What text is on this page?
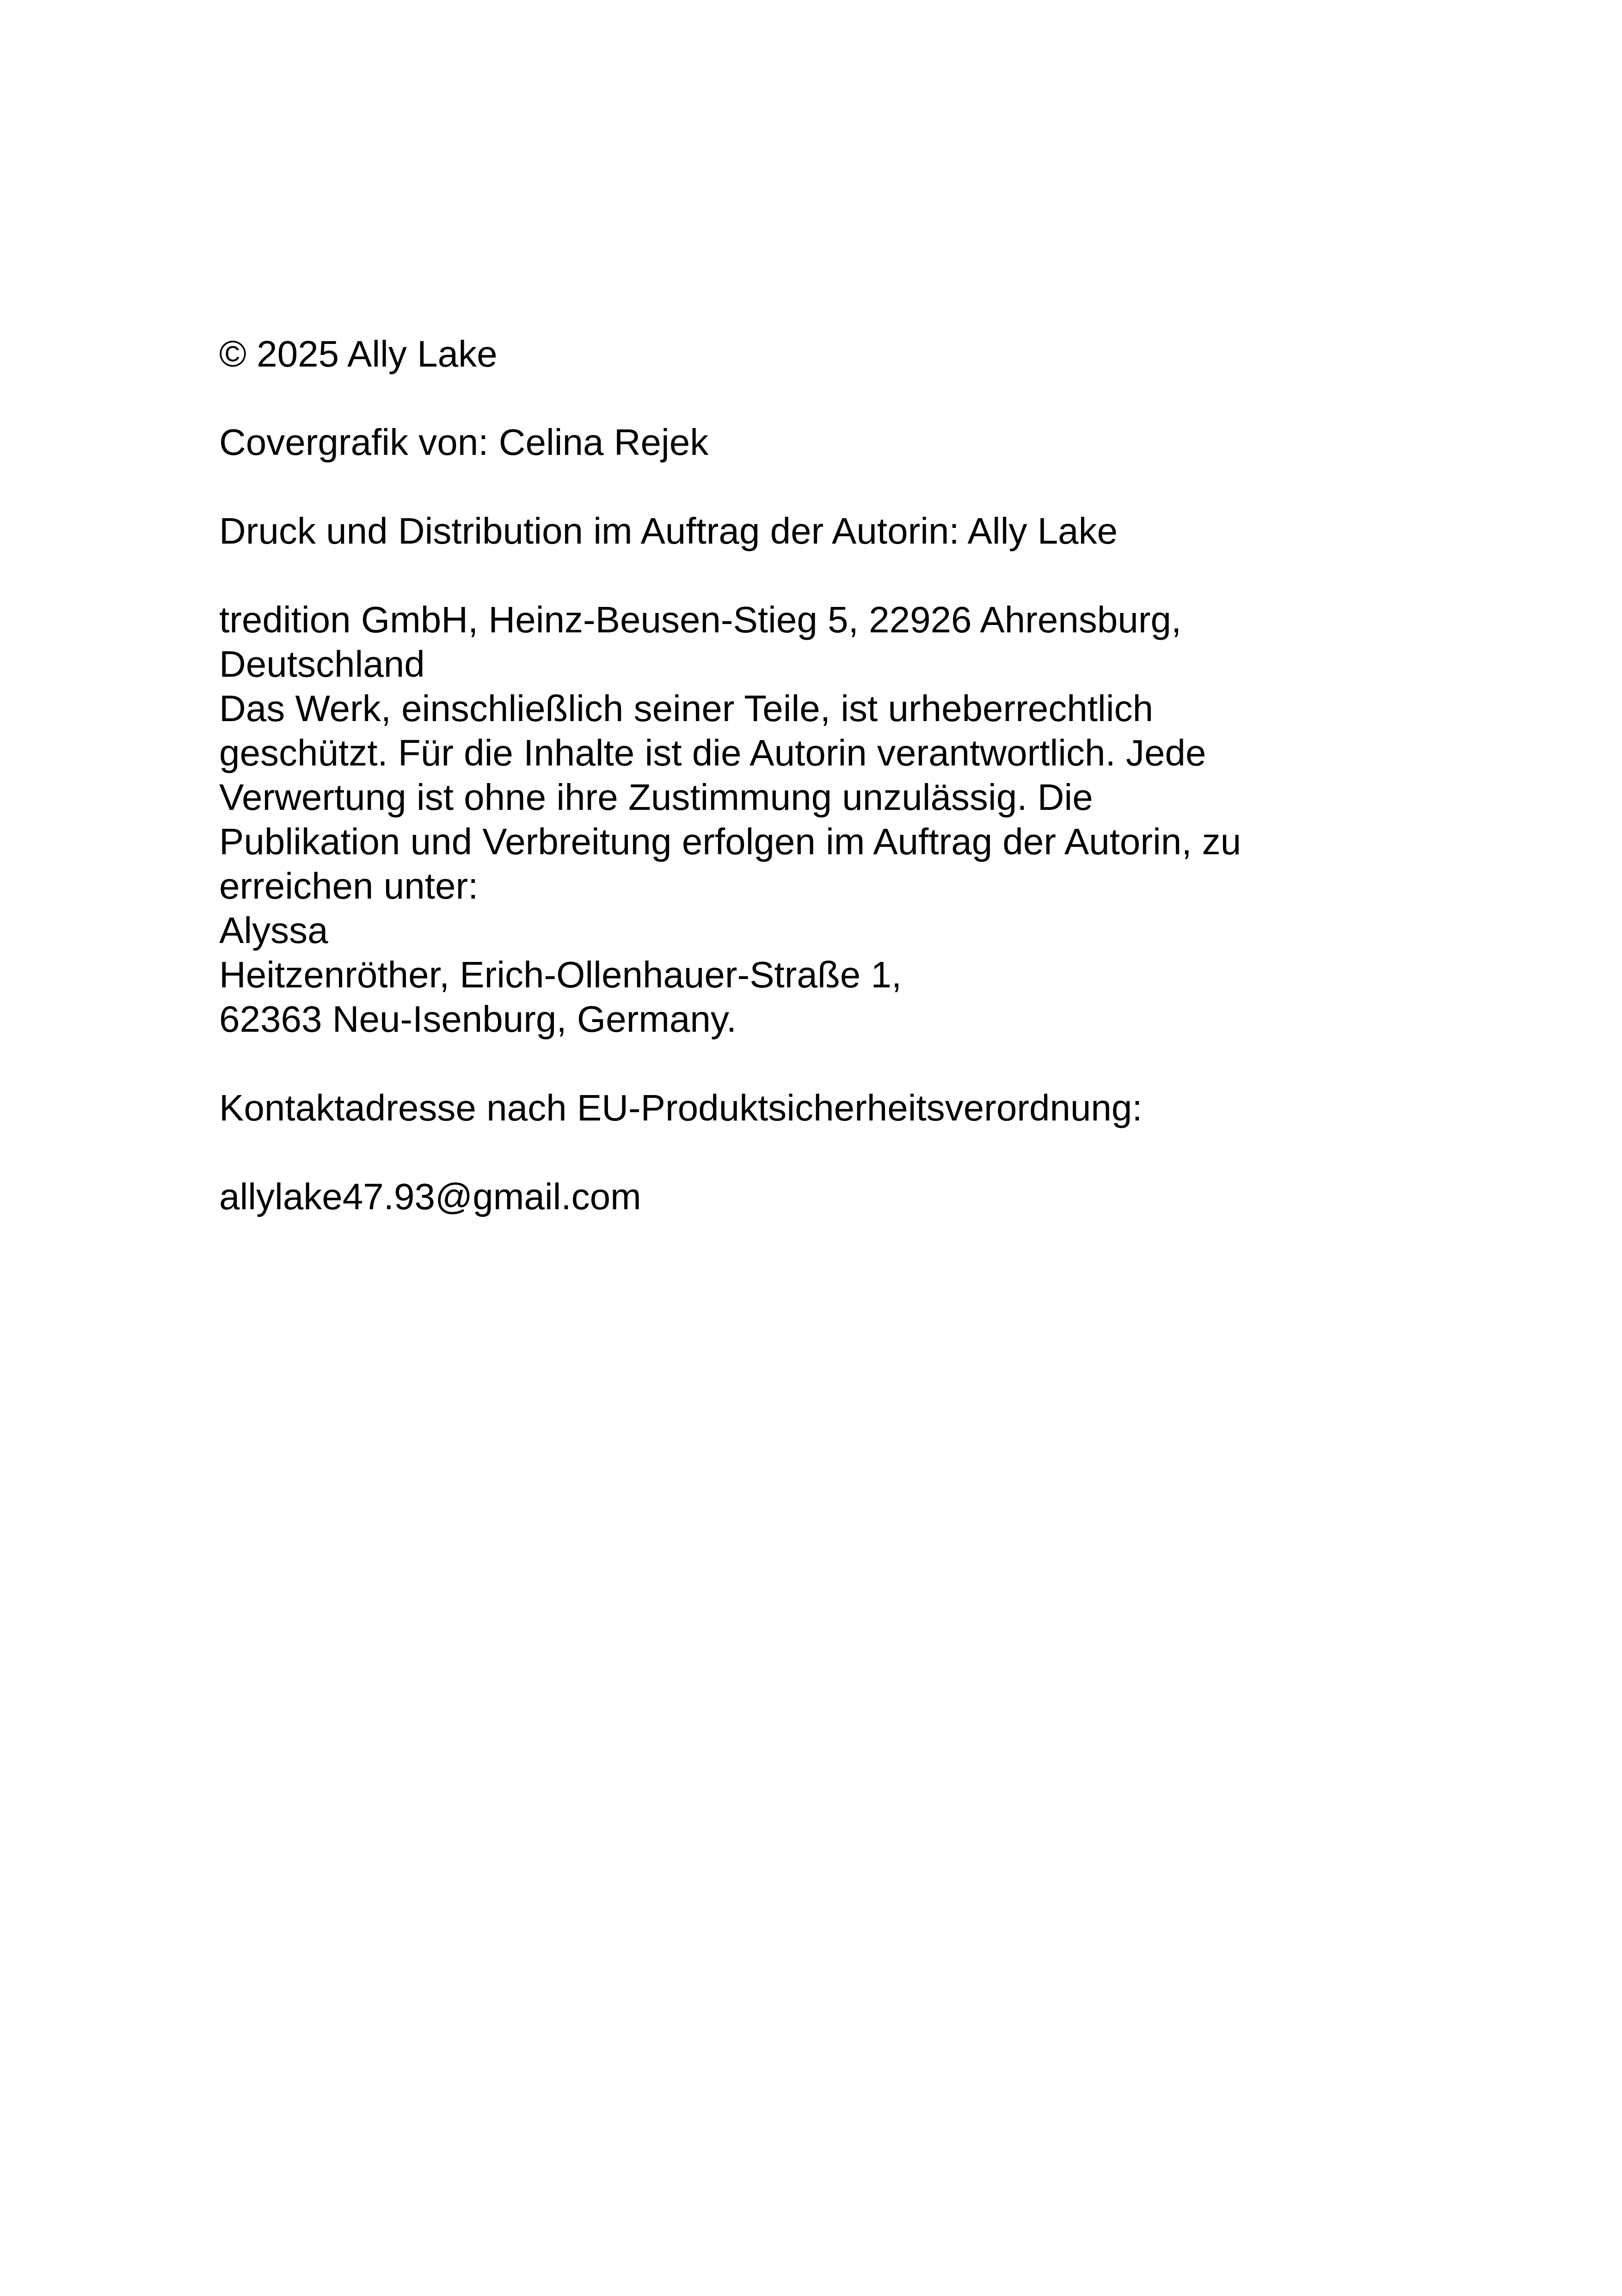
© 2025 Ally Lake

Covergrafik von: Celina Rejek

Druck und Distribution im Auftrag der Autorin: Ally Lake

tredition GmbH, Heinz-Beusen-Stieg 5, 22926 Ahrensburg,

Deutschland

Das Werk, einschließlich seiner Teile, ist urheberrechtlich

geschützt. Für die Inhalte ist die Autorin verantwortlich. Jede

Verwertung ist ohne ihre Zustimmung unzulässig. Die

Publikation und Verbreitung erfolgen im Auftrag der Autorin, zu

erreichen unter:

Alyssa

Heitzenröther, Erich-Ollenhauer-Straße 1,

62363 Neu-Isenburg, Germany.

Kontaktadresse nach EU-Produktsicherheitsverordnung:

allylake47.93@gmail.com
